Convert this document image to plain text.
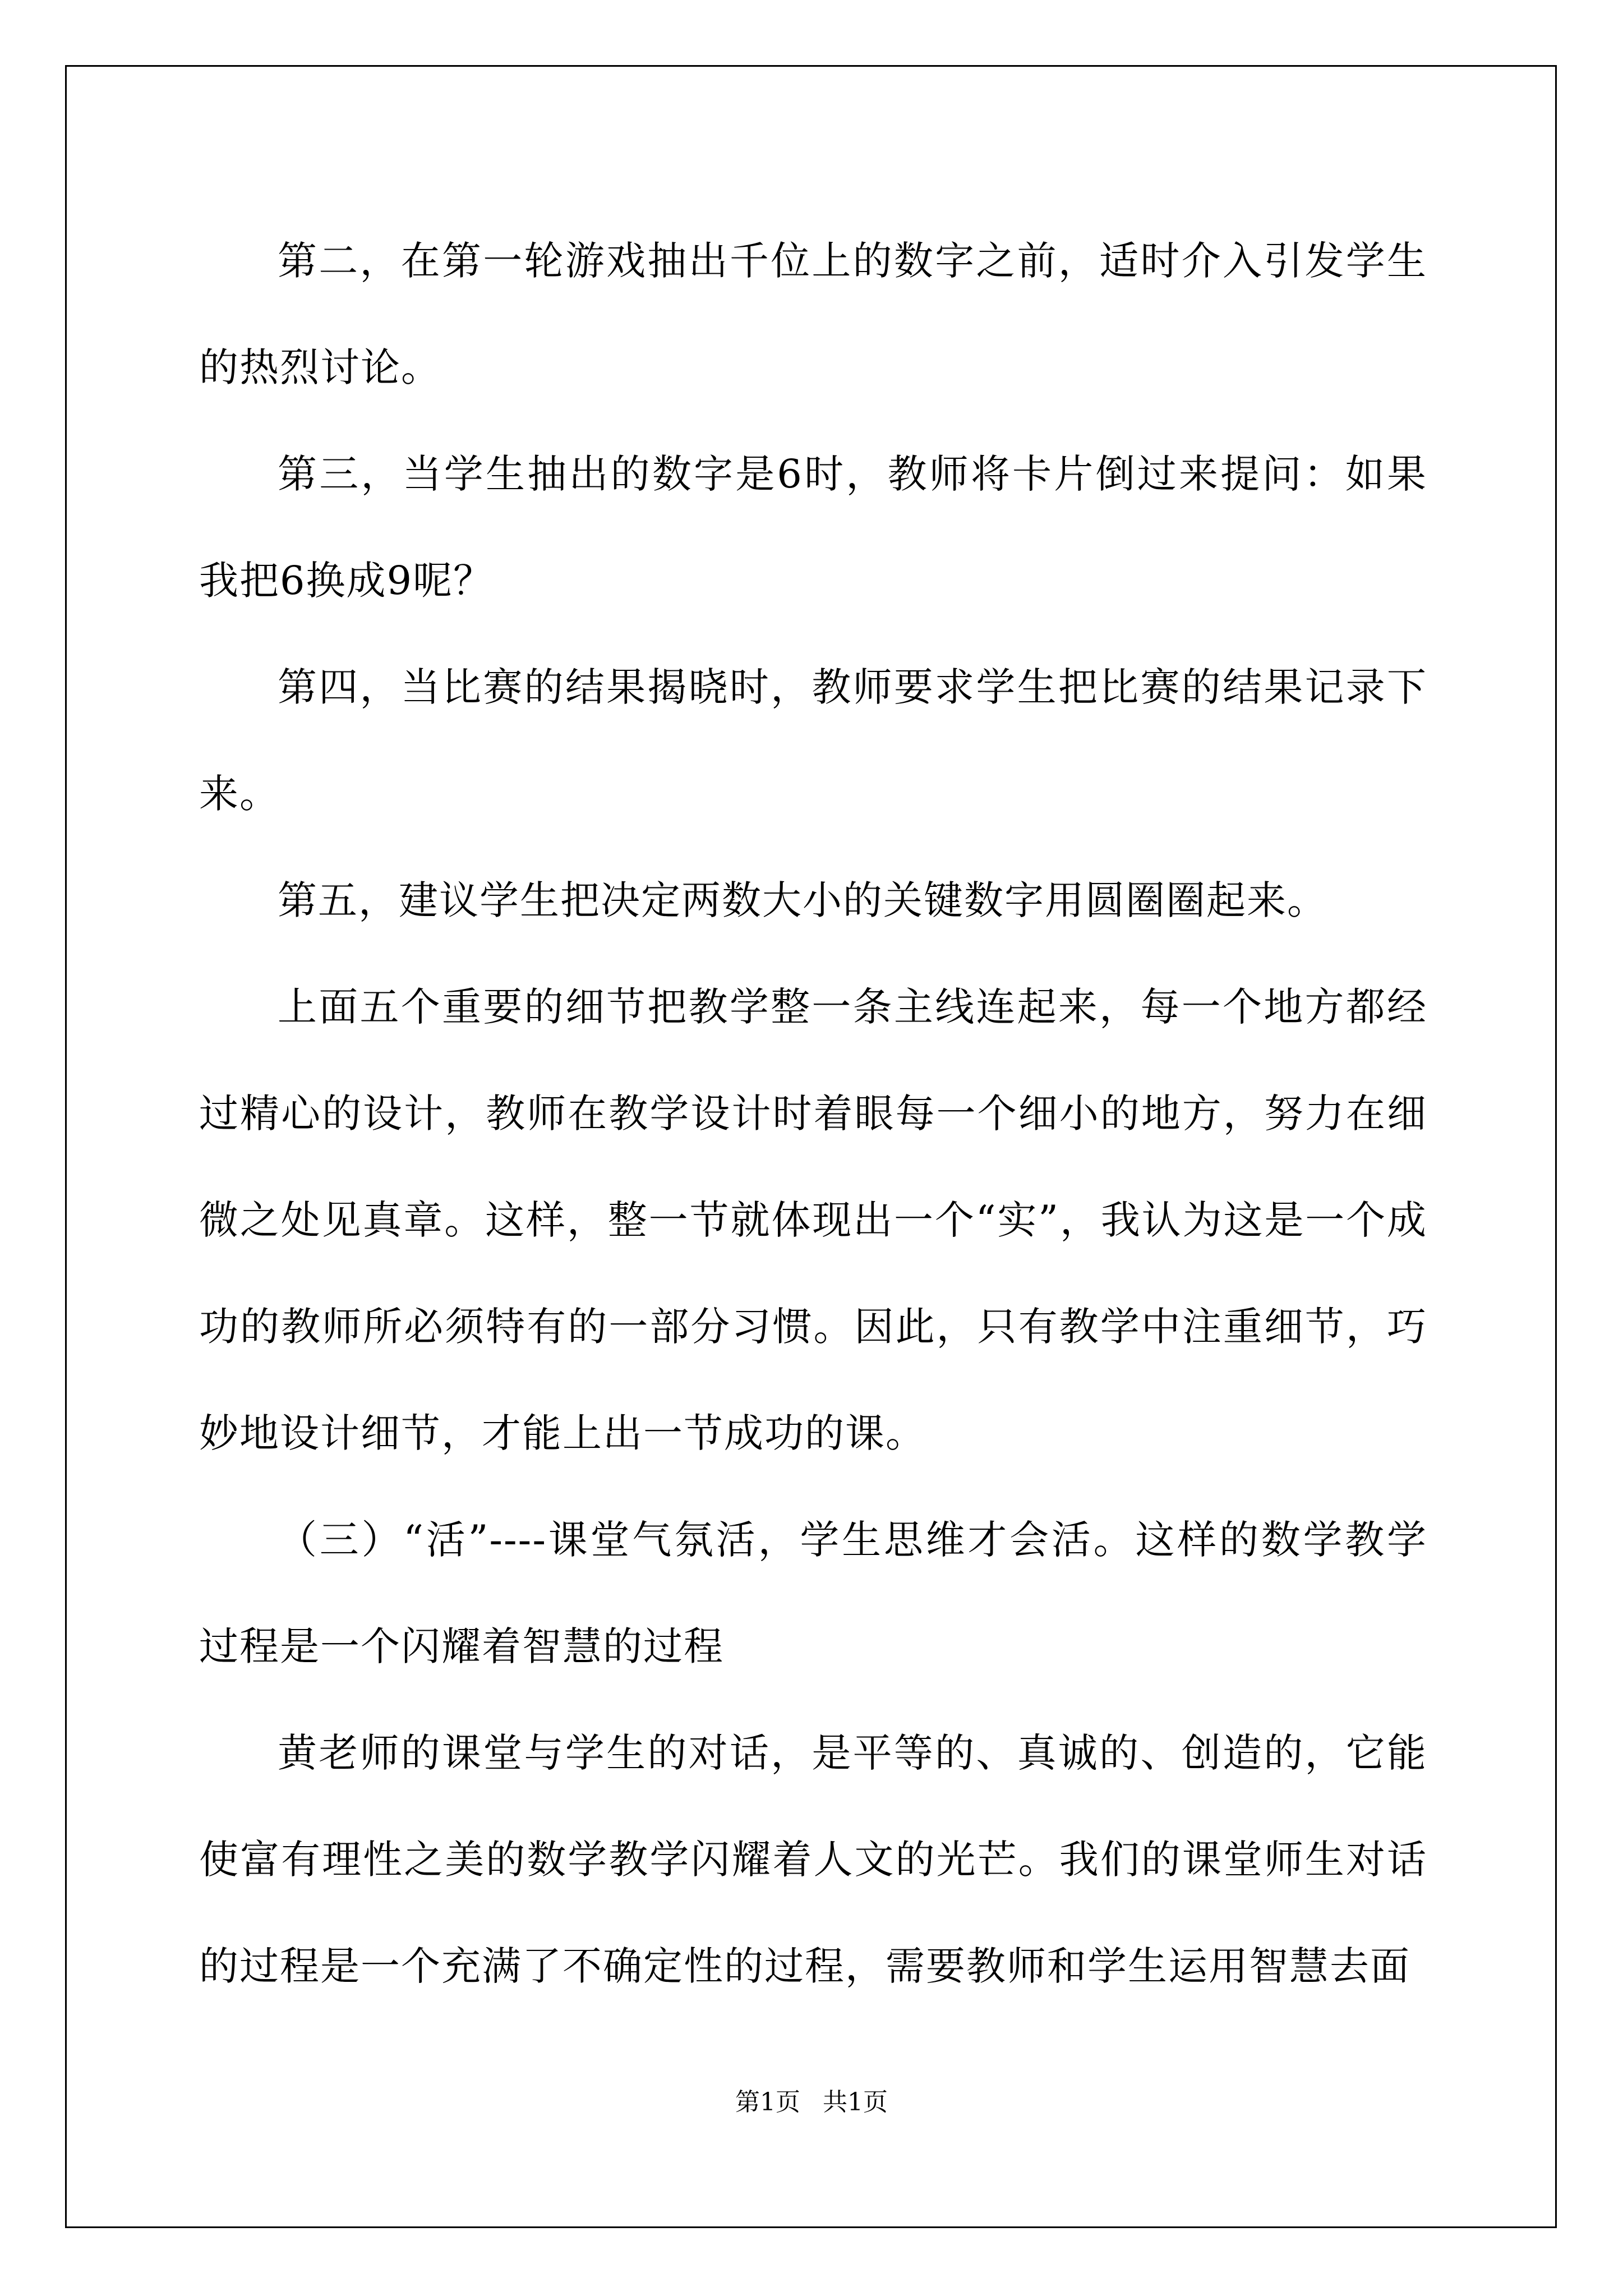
第二，在第一轮游戏抽出千位上的数字之前，适时介入引发学生的热烈讨论。

第三，当学生抽出的数字是6时，教师将卡片倒过来提问：如果我把6换成9呢？

第四，当比赛的结果揭晓时，教师要求学生把比赛的结果记录下来。

第五，建议学生把决定两数大小的关键数字用圆圈圈起来。

上面五个重要的细节把教学整一条主线连起来，每一个地方都经过精心的设计，教师在教学设计时着眼每一个细小的地方，努力在细微之处见真章。这样，整一节就体现出一个“实”，我认为这是一个成功的教师所必须特有的一部分习惯。因此，只有教学中注重细节，巧妙地设计细节，才能上出一节成功的课。

（三）“活”----课堂气氛活，学生思维才会活。这样的数学教学过程是一个闪耀着智慧的过程

黄老师的课堂与学生的对话，是平等的、真诚的、创造的，它能使富有理性之美的数学教学闪耀着人文的光芒。我们的课堂师生对话的过程是一个充满了不确定性的过程，需要教师和学生运用智慧去面

第1页 共1页
